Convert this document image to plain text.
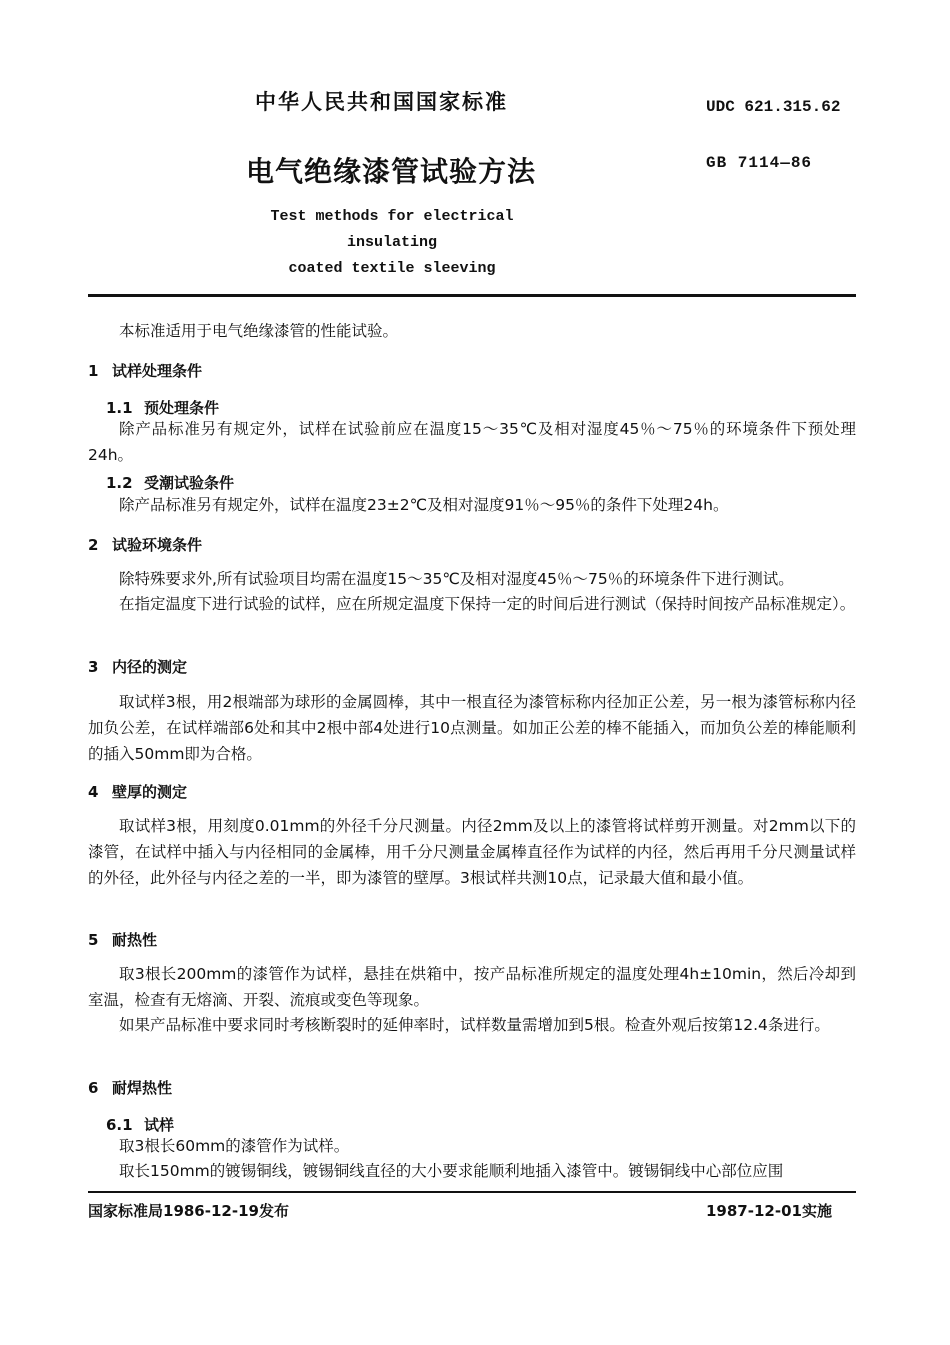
中华人民共和国国家标准	UDC 621.315.62
电气绝缘漆管试验方法	GB 7114—86
Test methods for electrical insulating
coated textile sleeving
本标准适用于电气绝缘漆管的性能试验。
1 试样处理条件
1.1 预处理条件
除产品标准另有规定外，试样在试验前应在温度15～35℃及相对湿度45％～75％的环境条件下预处理24h。
1.2 受潮试验条件
除产品标准另有规定外，试样在温度23±2℃及相对湿度91％～95％的条件下处理24h。
2 试验环境条件
除特殊要求外,所有试验项目均需在温度15～35℃及相对湿度45％～75％的环境条件下进行测试。
在指定温度下进行试验的试样，应在所规定温度下保持一定的时间后进行测试（保持时间按产品标准规定）。
3 内径的测定
取试样3根，用2根端部为球形的金属圆棒，其中一根直径为漆管标称内径加正公差，另一根为漆管标称内径加负公差，在试样端部6处和其中2根中部4处进行10点测量。如加正公差的棒不能插入，而加负公差的棒能顺利的插入50mm即为合格。
4 壁厚的测定
取试样3根，用刻度0.01mm的外径千分尺测量。内径2mm及以上的漆管将试样剪开测量。对2mm以下的漆管，在试样中插入与内径相同的金属棒，用千分尺测量金属棒直径作为试样的内径，然后再用千分尺测量试样的外径，此外径与内径之差的一半，即为漆管的壁厚。3根试样共测10点，记录最大值和最小值。
5 耐热性
取3根长200mm的漆管作为试样，悬挂在烘箱中，按产品标准所规定的温度处理4h±10min，然后冷却到室温，检查有无熔滴、开裂、流痕或变色等现象。
如果产品标准中要求同时考核断裂时的延伸率时，试样数量需增加到5根。检查外观后按第12.4条进行。
6 耐焊热性
6.1 试样
取3根长60mm的漆管作为试样。
取长150mm的镀锡铜线，镀锡铜线直径的大小要求能顺利地插入漆管中。镀锡铜线中心部位应围
国家标准局1986-12-19发布	1987-12-01实施
